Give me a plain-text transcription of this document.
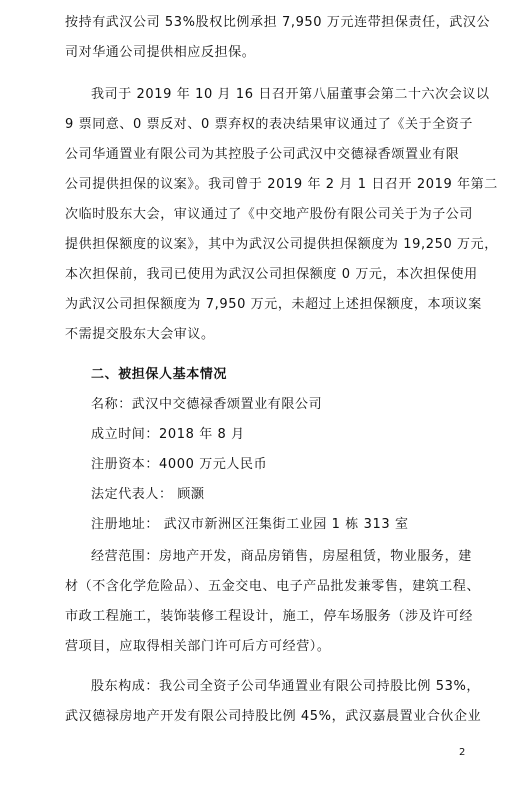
按持有武汉公司 53%股权比例承担 7,950 万元连带担保责任，武汉公
司对华通公司提供相应反担保。
我司于 2019 年 10 月 16 日召开第八届董事会第二十六次会议以
9 票同意、0 票反对、0 票弃权的表决结果审议通过了《关于全资子
公司华通置业有限公司为其控股子公司武汉中交德禄香颂置业有限
公司提供担保的议案》。我司曾于 2019 年 2 月 1 日召开 2019 年第二
次临时股东大会，审议通过了《中交地产股份有限公司关于为子公司
提供担保额度的议案》，其中为武汉公司提供担保额度为 19,250 万元，
本次担保前，我司已使用为武汉公司担保额度 0 万元，本次担保使用
为武汉公司担保额度为 7,950 万元，未超过上述担保额度，本项议案
不需提交股东大会审议。
二、被担保人基本情况
名称：武汉中交德禄香颂置业有限公司
成立时间：2018 年 8 月
注册资本：4000 万元人民币
法定代表人： 顾灏
注册地址： 武汉市新洲区汪集街工业园 1 栋 313 室
经营范围：房地产开发，商品房销售，房屋租赁，物业服务，建
材（不含化学危险品）、五金交电、电子产品批发兼零售，建筑工程、
市政工程施工，装饰装修工程设计，施工，停车场服务（涉及许可经
营项目，应取得相关部门许可后方可经营）。
股东构成：我公司全资子公司华通置业有限公司持股比例 53%，
武汉德禄房地产开发有限公司持股比例 45%，武汉嘉晨置业合伙企业
2
